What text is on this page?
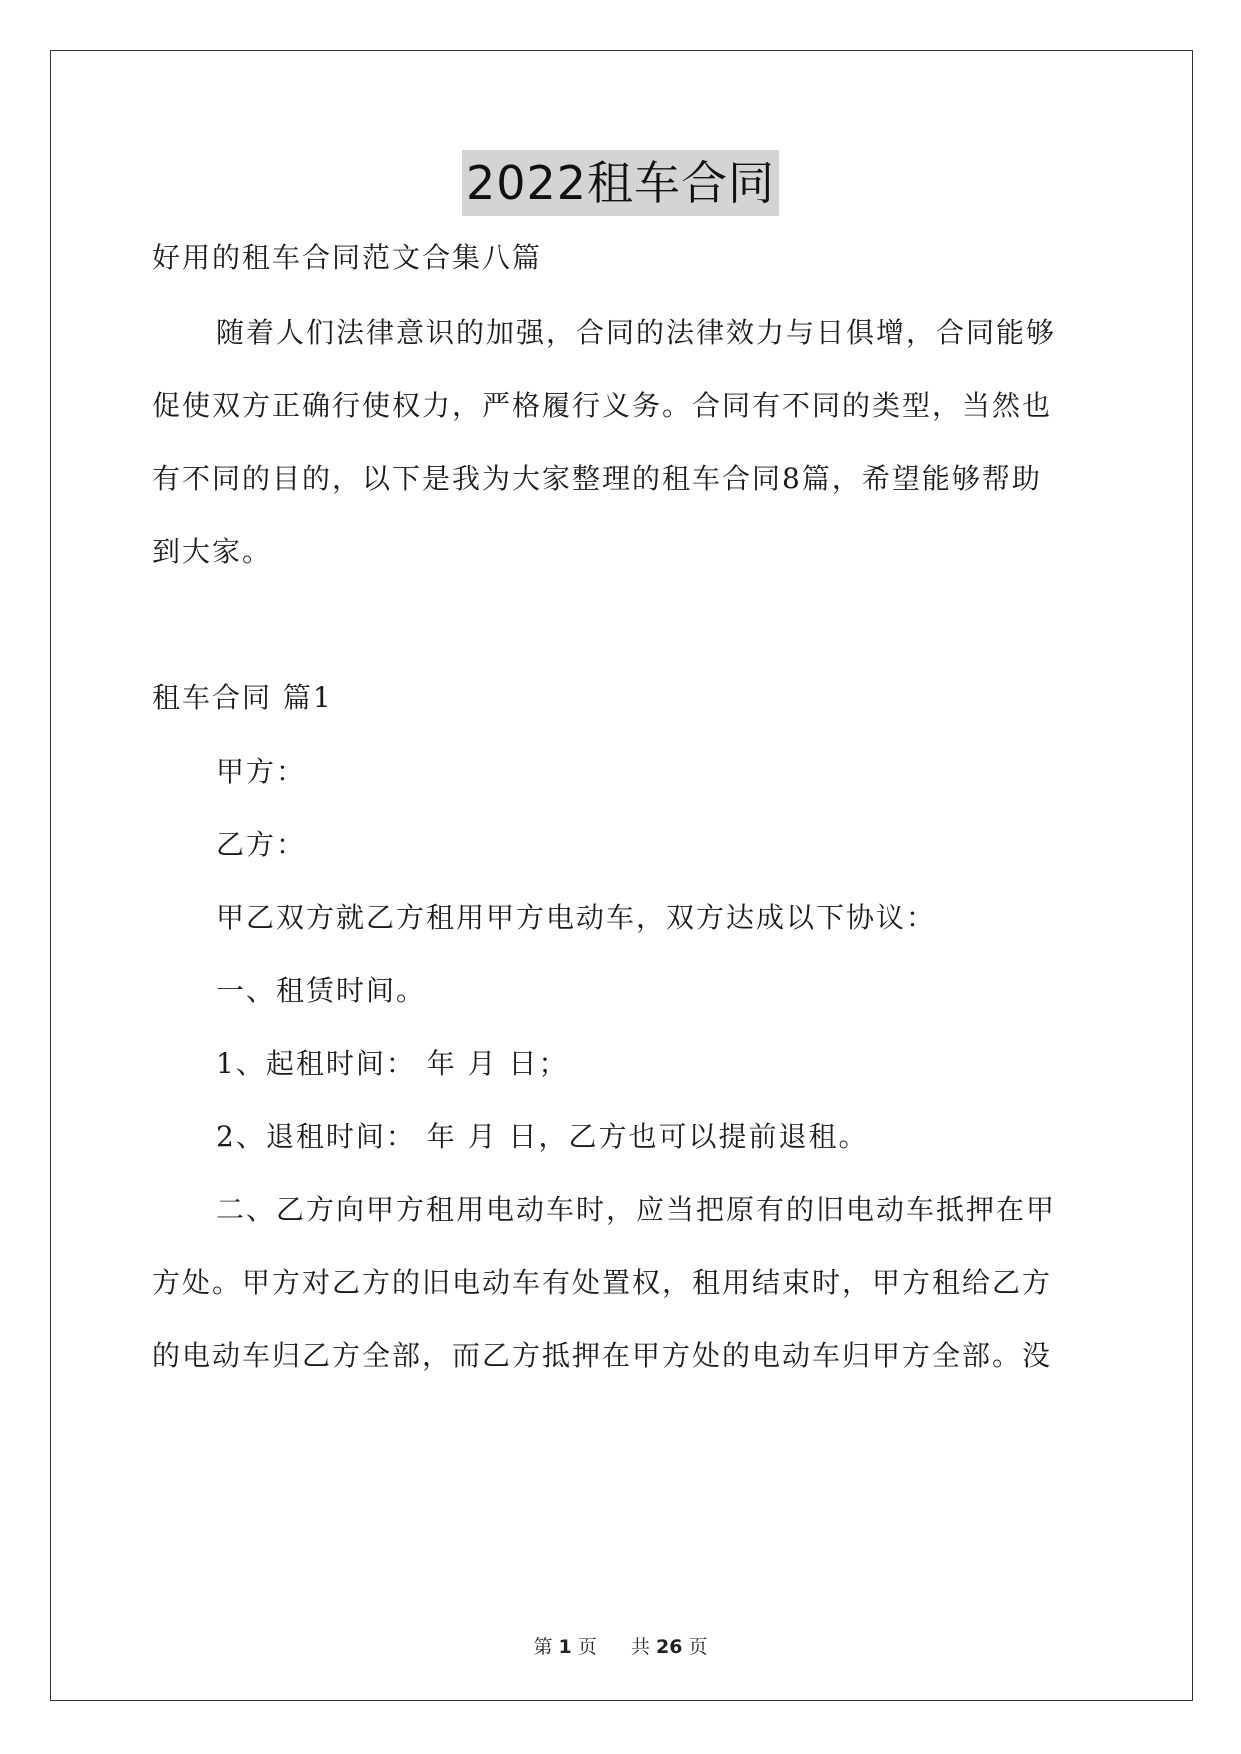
2022租车合同
好用的租车合同范文合集八篇
随着人们法律意识的加强，合同的法律效力与日俱增，合同能够
促使双方正确行使权力，严格履行义务。合同有不同的类型，当然也
有不同的目的，以下是我为大家整理的租车合同8篇，希望能够帮助
到大家。
租车合同 篇1
甲方：
乙方：
甲乙双方就乙方租用甲方电动车，双方达成以下协议：
一、租赁时间。
1、起租时间： 年 月 日；
2、退租时间： 年 月 日，乙方也可以提前退租。
二、乙方向甲方租用电动车时，应当把原有的旧电动车抵押在甲
方处。甲方对乙方的旧电动车有处置权，租用结束时，甲方租给乙方
的电动车归乙方全部，而乙方抵押在甲方处的电动车归甲方全部。没
第 1 页 共 26 页
